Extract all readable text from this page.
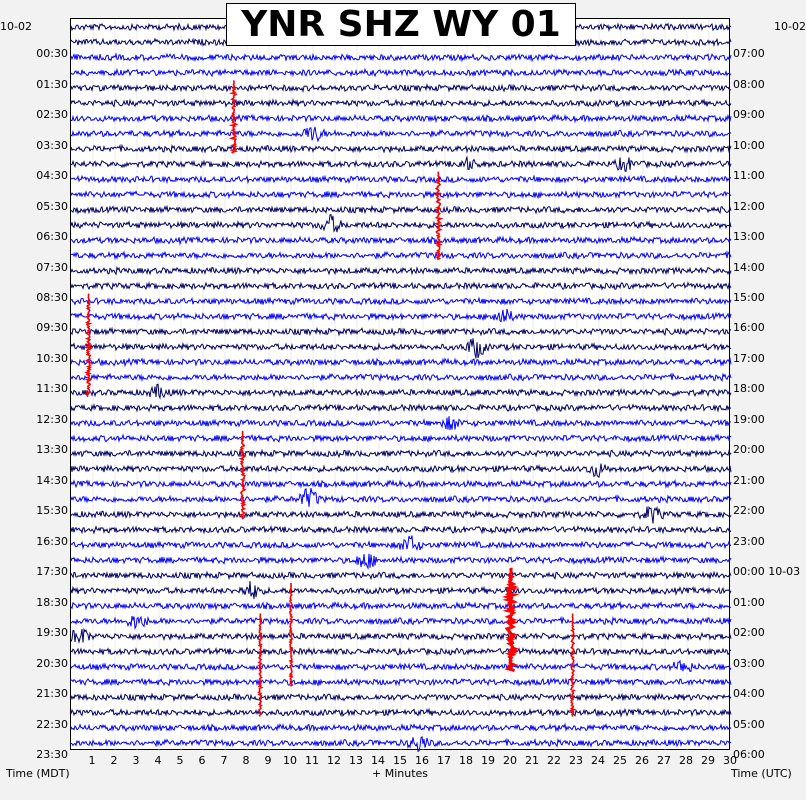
YNR SHZ WY 01
10-02	10-02
00:30
01:30
02:30
03:30
04:30
05:30
06:30
07:30
08:30
09:30
10:30
11:30
12:30
13:30
14:30
15:30
16:30
17:30
18:30
19:30
20:30
21:30
22:30
23:30
07:00
08:00
09:00
10:00
11:00
12:00
13:00
14:00
15:00
16:00
17:00
18:00
19:00
20:00
21:00
22:00
23:00
00:00 10-03
01:00
02:00
03:00
04:00
05:00
06:00
1	2	3	4	5	6	7	8	9	10 11 12 13 14 15 16 17 18 19 20 21 22 23 24 25 26 27 28 29 30
Time (MDT)	+ Minutes	Time (UTC)
